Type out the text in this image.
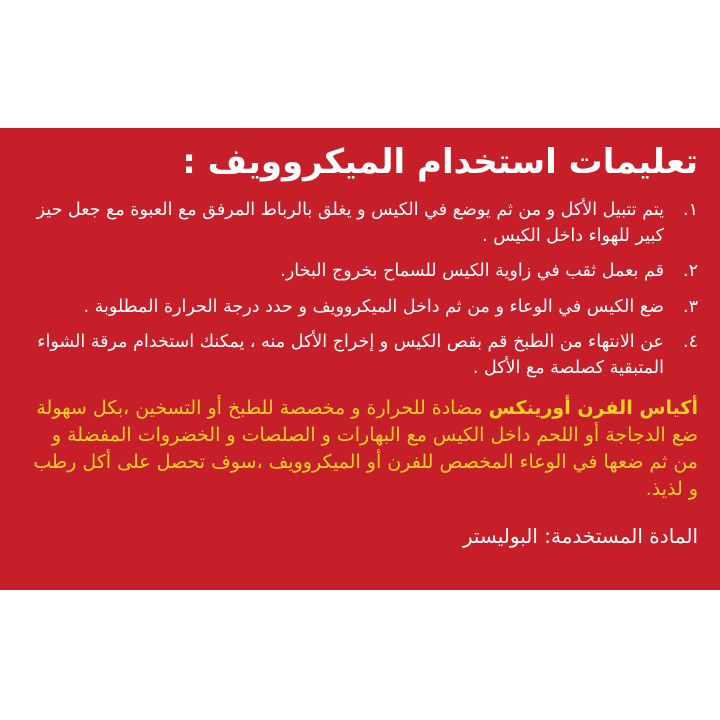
تعليمات استخدام الميكروويف :
١.
يتم تتبيل الأكل و من ثم يوضع في الكيس و يغلق بالرباط المرفق مع العبوة مع جعل حيز كبير للهواء داخل الكيس .
٢.
قم بعمل ثقب في زاوية الكيس للسماح بخروج البخار.
٣.
ضع الكيس في الوعاء و من ثم داخل الميكروويف و حدد درجة الحرارة المطلوبة .
٤.
عن الانتهاء من الطبخ قم بقص الكيس و إخراج الأكل منه ، يمكنك استخدام مرقة الشواء المتبقية كصلصة مع الأكل .

أكياس الفرن أورينكس مضادة للحرارة و مخصصة للطبخ أو التسخين ،بكل سهولة ضع الدجاجة أو اللحم داخل الكيس مع البهارات و الصلصات و الخضروات المفضلة و من ثم ضعها في الوعاء المخصص للفرن أو الميكروويف ،سوف تحصل على أكل رطب و لذيذ.

المادة المستخدمة: البوليستر
